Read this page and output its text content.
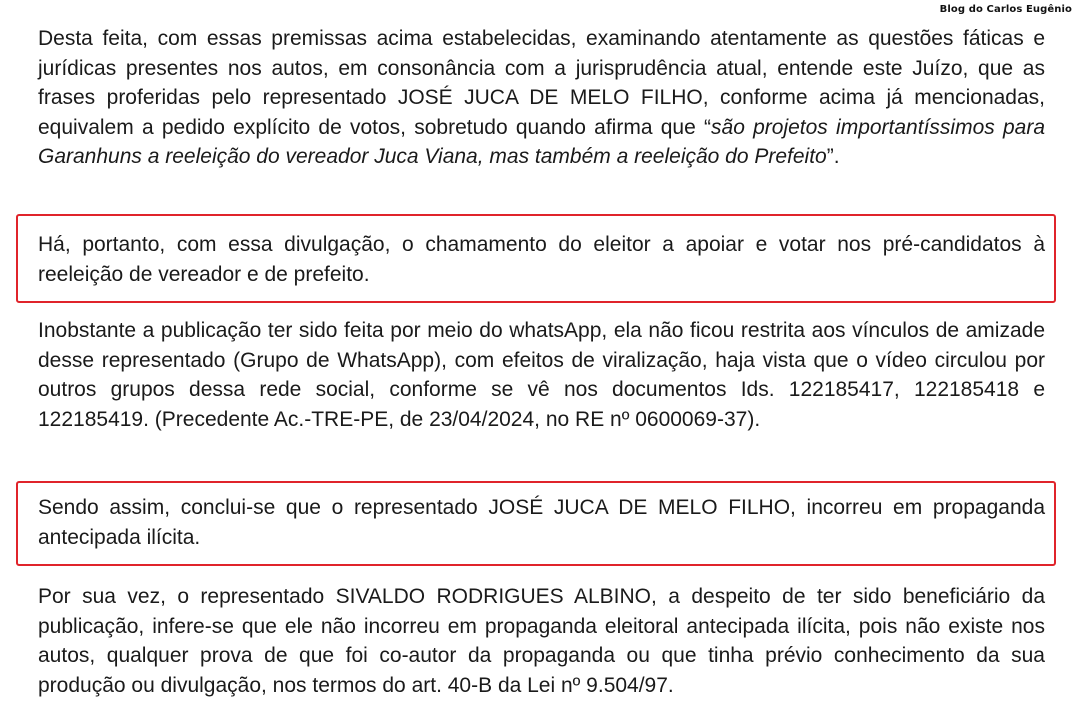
Blog do Carlos Eugênio

Desta feita, com essas premissas acima estabelecidas, examinando atentamente as questões fáticas e jurídicas presentes nos autos, em consonância com a jurisprudência atual, entende este Juízo, que as frases proferidas pelo representado JOSÉ JUCA DE MELO FILHO, conforme acima já mencionadas, equivalem a pedido explícito de votos, sobretudo quando afirma que “são projetos importantíssimos para Garanhuns a reeleição do vereador Juca Viana, mas também a reeleição do Prefeito”.

Há, portanto, com essa divulgação, o chamamento do eleitor a apoiar e votar nos pré-candidatos à reeleição de vereador e de prefeito.

Inobstante a publicação ter sido feita por meio do whatsApp, ela não ficou restrita aos vínculos de amizade desse representado (Grupo de WhatsApp), com efeitos de viralização, haja vista que o vídeo circulou por outros grupos dessa rede social, conforme se vê nos documentos Ids. 122185417, 122185418 e 122185419. (Precedente Ac.-TRE-PE, de 23/04/2024, no RE nº 0600069-37).

Sendo assim, conclui-se que o representado JOSÉ JUCA DE MELO FILHO, incorreu em propaganda antecipada ilícita.

Por sua vez, o representado SIVALDO RODRIGUES ALBINO, a despeito de ter sido beneficiário da publicação, infere-se que ele não incorreu em propaganda eleitoral antecipada ilícita, pois não existe nos autos, qualquer prova de que foi co-autor da propaganda ou que tinha prévio conhecimento da sua produção ou divulgação, nos termos do art. 40-B da Lei nº 9.504/97.
